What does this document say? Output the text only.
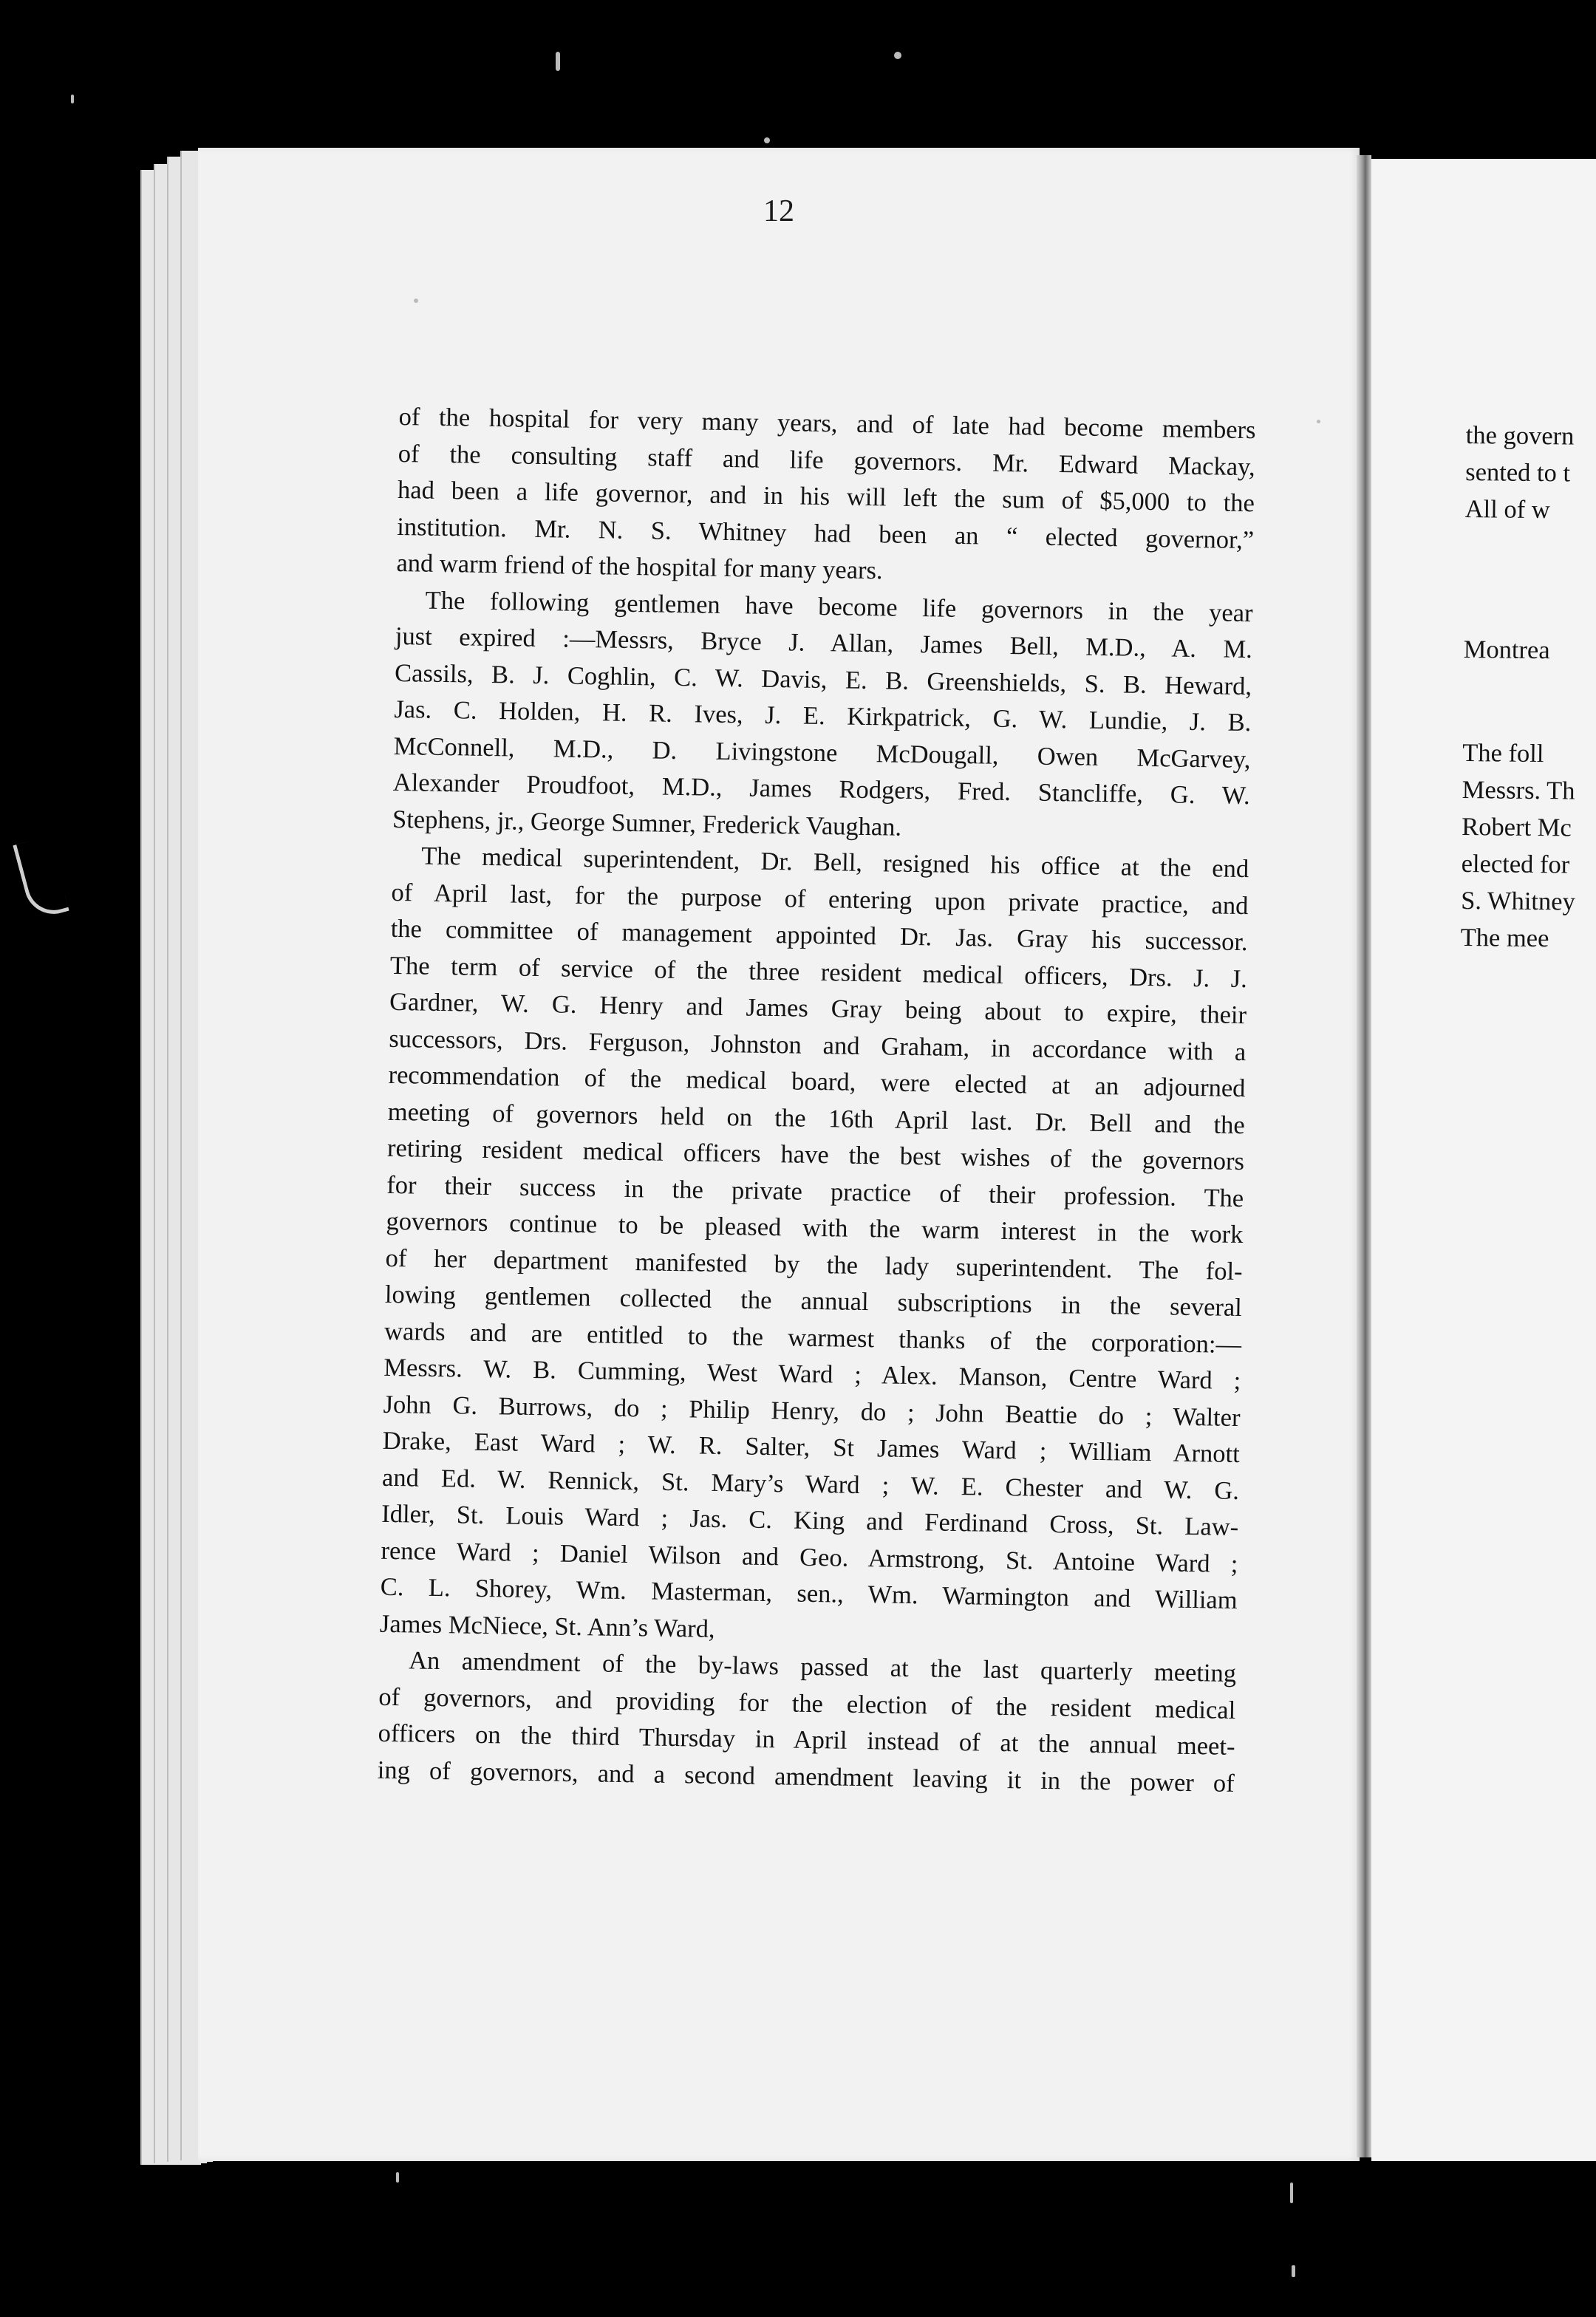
the govern
sented to t
All of w
Montrea
The foll
Messrs. Th
Robert Mc
elected for
S. Whitney
The mee
12

of the hospital for very many years, and of late had become members

of the consulting staff and life governors. Mr. Edward Mackay,

had been a life governor, and in his will left the sum of $5,000 to the

institution. Mr. N. S. Whitney had been an “ elected governor,”

and warm friend of the hospital for many years.

The following gentlemen have become life governors in the year

just expired :—Messrs, Bryce J. Allan, James Bell, M.D., A. M.

Cassils, B. J. Coghlin, C. W. Davis, E. B. Greenshields, S. B. Heward,

Jas. C. Holden, H. R. Ives, J. E. Kirkpatrick, G. W. Lundie, J. B.

McConnell, M.D., D. Livingstone McDougall, Owen McGarvey,

Alexander Proudfoot, M.D., James Rodgers, Fred. Stancliffe, G. W.

Stephens, jr., George Sumner, Frederick Vaughan.

The medical superintendent, Dr. Bell, resigned his office at the end

of April last, for the purpose of entering upon private practice, and

the committee of management appointed Dr. Jas. Gray his successor.

The term of service of the three resident medical officers, Drs. J. J.

Gardner, W. G. Henry and James Gray being about to expire, their

successors, Drs. Ferguson, Johnston and Graham, in accordance with a

recommendation of the medical board, were elected at an adjourned

meeting of governors held on the 16th April last. Dr. Bell and the

retiring resident medical officers have the best wishes of the governors

for their success in the private practice of their profession. The

governors continue to be pleased with the warm interest in the work

of her department manifested by the lady superintendent. The fol-

lowing gentlemen collected the annual subscriptions in the several

wards and are entitled to the warmest thanks of the corporation:—

Messrs. W. B. Cumming, West Ward ; Alex. Manson, Centre Ward ;

John G. Burrows, do ; Philip Henry, do ; John Beattie do ; Walter

Drake, East Ward ; W. R. Salter, St James Ward ; William Arnott

and Ed. W. Rennick, St. Mary’s Ward ; W. E. Chester and W. G.

Idler, St. Louis Ward ; Jas. C. King and Ferdinand Cross, St. Law-

rence Ward ; Daniel Wilson and Geo. Armstrong, St. Antoine Ward ;

C. L. Shorey, Wm. Masterman, sen., Wm. Warmington and William

James McNiece, St. Ann’s Ward,

An amendment of the by-laws passed at the last quarterly meeting

of governors, and providing for the election of the resident medical

officers on the third Thursday in April instead of at the annual meet-

ing of governors, and a second amendment leaving it in the power of
